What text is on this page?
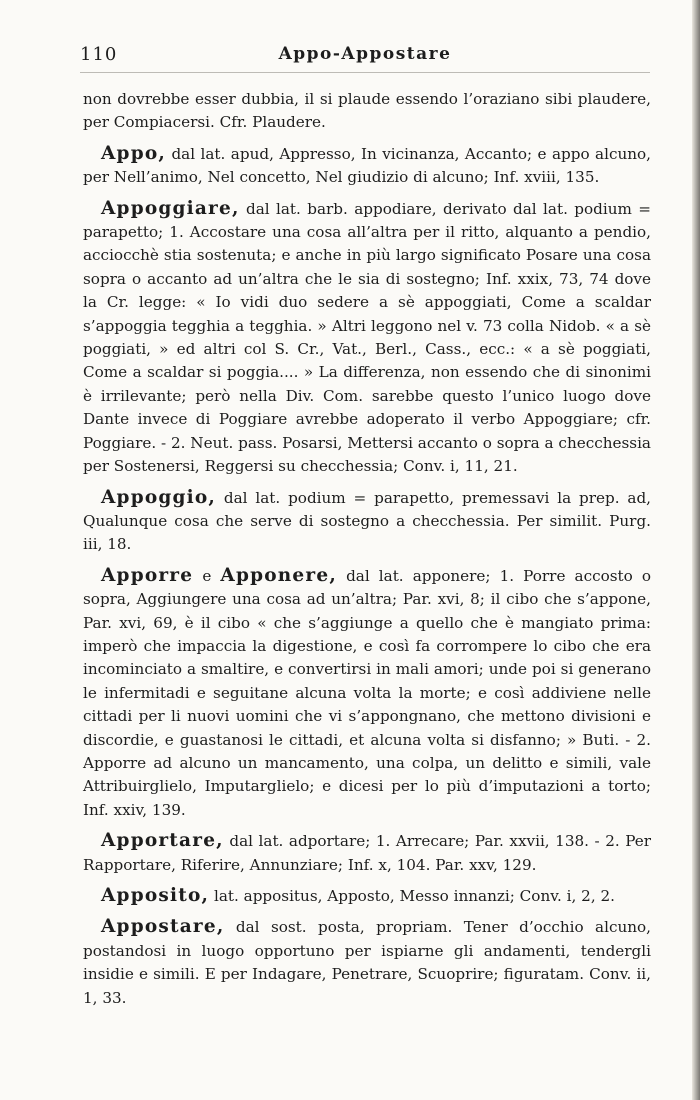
110	Appo-Appostare

non dovrebbe esser dubbia, il si plaude essendo l’oraziano sibi plaudere, per Compiacersi. Cfr. Plaudere.

Appo, dal lat. apud, Appresso, In vicinanza, Accanto; e appo alcuno, per Nell’animo, Nel concetto, Nel giudizio di alcuno; Inf. xviii, 135.

Appoggiare, dal lat. barb. appodiare, derivato dal lat. podium = parapetto; 1. Accostare una cosa all’altra per il ritto, alquanto a pendio, acciocchè stia sostenuta; e anche in più largo significato Posare una cosa sopra o accanto ad un’altra che le sia di sostegno; Inf. xxix, 73, 74 dove la Cr. legge: « Io vidi duo sedere a sè appoggiati, Come a scaldar s’appoggia tegghia a tegghia. » Altri leggono nel v. 73 colla Nidob. « a sè poggiati, » ed altri col S. Cr., Vat., Berl., Cass., ecc.: « a sè poggiati, Come a scaldar si poggia.... » La differenza, non essendo che di sinonimi è irrilevante; però nella Div. Com. sarebbe questo l’unico luogo dove Dante invece di Poggiare avrebbe adoperato il verbo Appoggiare; cfr. Poggiare. - 2. Neut. pass. Posarsi, Mettersi accanto o sopra a checchessia per Sostenersi, Reggersi su checchessia; Conv. i, 11, 21.

Appoggio, dal lat. podium = parapetto, premessavi la prep. ad, Qualunque cosa che serve di sostegno a checchessia. Per similit. Purg. iii, 18.

Apporre e Apponere, dal lat. apponere; 1. Porre accosto o sopra, Aggiungere una cosa ad un’altra; Par. xvi, 8; il cibo che s’appone, Par. xvi, 69, è il cibo « che s’aggiunge a quello che è mangiato prima: imperò che impaccia la digestione, e così fa corrompere lo cibo che era incominciato a smaltire, e convertirsi in mali amori; unde poi si generano le infermitadi e seguitane alcuna volta la morte; e così addiviene nelle cittadi per li nuovi uomini che vi s’appongnano, che mettono divisioni e discordie, e guastanosi le cittadi, et alcuna volta si disfanno; » Buti. - 2. Apporre ad alcuno un mancamento, una colpa, un delitto e simili, vale Attribuirglielo, Imputarglielo; e dicesi per lo più d’imputazioni a torto; Inf. xxiv, 139.

Apportare, dal lat. adportare; 1. Arrecare; Par. xxvii, 138. - 2. Per Rapportare, Riferire, Annunziare; Inf. x, 104. Par. xxv, 129.

Apposito, lat. appositus, Apposto, Messo innanzi; Conv. i, 2, 2.

Appostare, dal sost. posta, propriam. Tener d’occhio alcuno, postandosi in luogo opportuno per ispiarne gli andamenti, tendergli insidie e simili. E per Indagare, Penetrare, Scuoprire; figuratam. Conv. ii, 1, 33.
